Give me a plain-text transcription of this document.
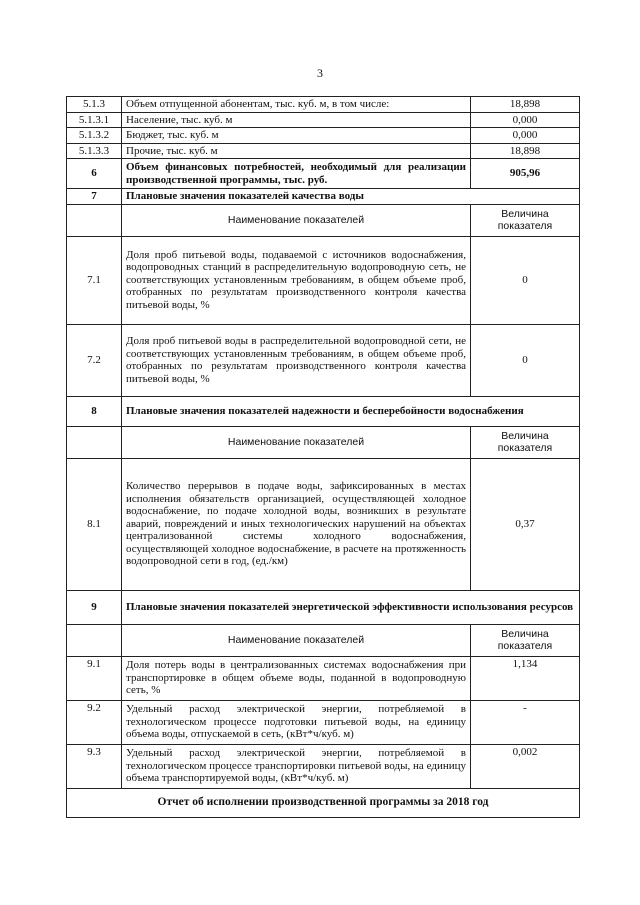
3
5.1.3	Объем отпущенной абонентам, тыс. куб. м, в том числе:	18,898
5.1.3.1	Население, тыс. куб. м	0,000
5.1.3.2	Бюджет, тыс. куб. м	0,000
5.1.3.3	Прочие, тыс. куб. м	18,898
6	Объем финансовых потребностей, необходимый для реализации производственной программы, тыс. руб.	905,96
7	Плановые значения показателей качества воды	
	Наименование показателей	Величина показателя
7.1	Доля проб питьевой воды, подаваемой с источников водоснабжения, водопроводных станций в распределительную водопроводную сеть, не соответствующих установленным требованиям, в общем объеме проб, отобранных по результатам производственного контроля качества питьевой воды, %	0
7.2	Доля проб питьевой воды в распределительной водопроводной сети, не соответствующих установленным требованиям, в общем объеме проб, отобранных по результатам производственного контроля качества питьевой воды, %	0
8	Плановые значения показателей надежности и бесперебойности водоснабжения	
	Наименование показателей	Величина показателя
8.1	Количество перерывов в подаче воды, зафиксированных в местах исполнения обязательств организацией, осуществляющей холодное водоснабжение, по подаче холодной воды, возникших в результате аварий, повреждений и иных технологических нарушений на объектах централизованной системы холодного водоснабжения, осуществляющей холодное водоснабжение, в расчете на протяженность водопроводной сети в год, (ед./км)	0,37
9	Плановые значения показателей энергетической эффективности использования ресурсов	
	Наименование показателей	Величина показателя
9.1	Доля потерь воды в централизованных системах водоснабжения при транспортировке в общем объеме воды, поданной в водопроводную сеть, %	1,134
9.2	Удельный расход электрической энергии, потребляемой в технологическом процессе подготовки питьевой воды, на единицу объема воды, отпускаемой в сеть, (кВт*ч/куб. м)	-
9.3	Удельный расход электрической энергии, потребляемой в технологическом процессе транспортировки питьевой воды, на единицу объема транспортируемой воды, (кВт*ч/куб. м)	0,002
Отчет об исполнении производственной программы за 2018 год		
